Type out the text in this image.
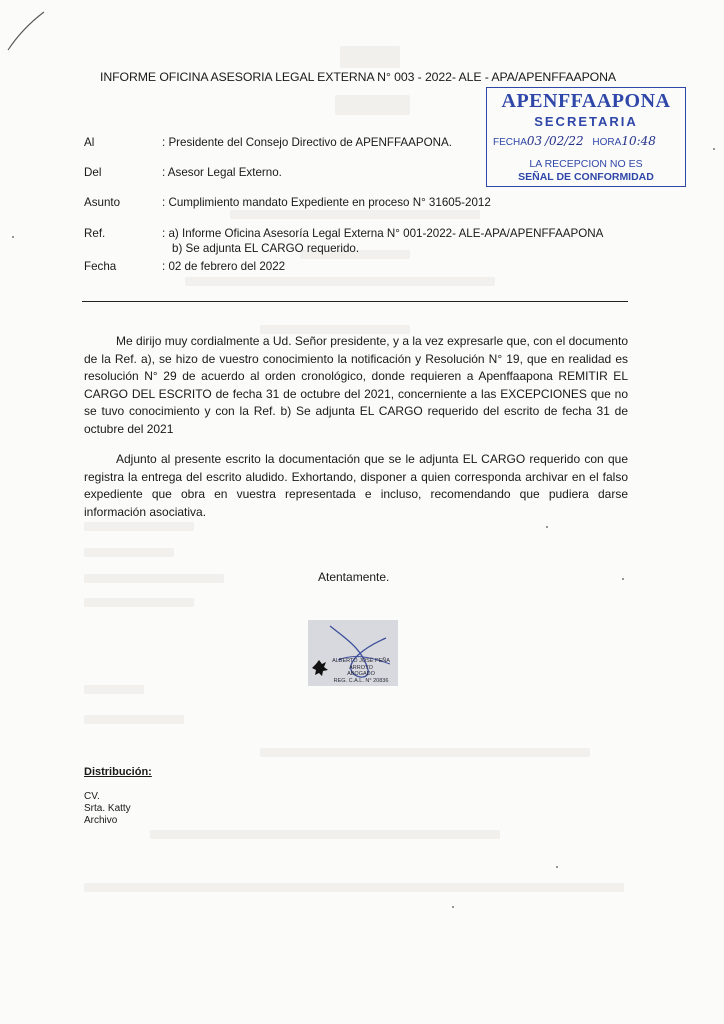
INFORME OFICINA ASESORIA LEGAL EXTERNA N° 003 - 2022- ALE - APA/APENFFAAPONA
APENFFAAPONA
SECRETARIA
FECHA03 /02/22 HORA10:48
LA RECEPCION NO ES
SEÑAL DE CONFORMIDAD
Al	: Presidente del Consejo Directivo de APENFFAAPONA.
Del	: Asesor Legal Externo.
Asunto	: Cumplimiento mandato Expediente en proceso N° 31605-2012
Ref.	: a) Informe Oficina Asesoría Legal Externa N° 001-2022- ALE-APA/APENFFAAPONA
b) Se adjunta EL CARGO requerido.
Fecha	: 02 de febrero del 2022

Me dirijo muy cordialmente a Ud. Señor presidente, y a la vez expresarle que, con el documento de la Ref. a), se hizo de vuestro conocimiento la notificación y Resolución N° 19, que en realidad es resolución N° 29 de acuerdo al orden cronológico, donde requieren a Apenffaapona REMITIR EL CARGO DEL ESCRITO de fecha 31 de octubre del 2021, concerniente a las EXCEPCIONES que no se tuvo conocimiento y con la Ref. b) Se adjunta EL CARGO requerido del escrito de fecha 31 de octubre del 2021

Adjunto al presente escrito la documentación que se le adjunta EL CARGO requerido con que registra la entrega del escrito aludido. Exhortando, disponer a quien corresponda archivar en el falso expediente que obra en vuestra representada e incluso, recomendando que pudiera darse información asociativa.

Atentamente.
ALBERTO JOSÉ PEÑA ARROYO
ABOGADO
REG. C.A.L. N° 20836
Distribución:
CV.
Srta. Katty
Archivo
